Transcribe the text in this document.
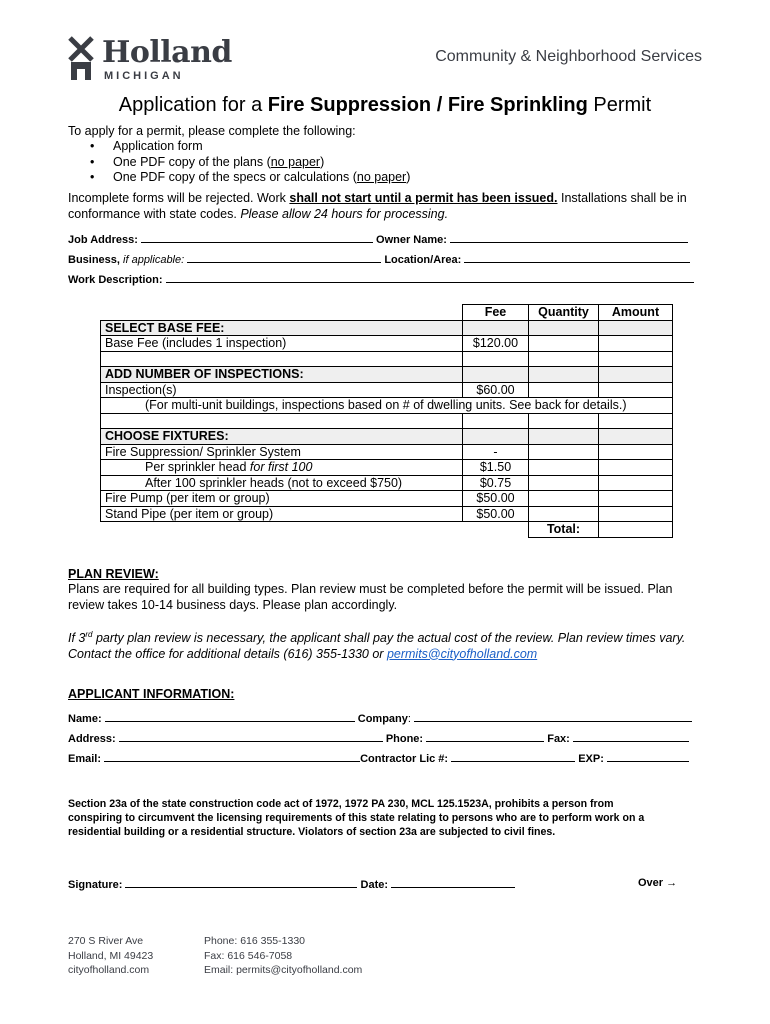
Holland
MICHIGAN
Community & Neighborhood Services
Application for a Fire Suppression / Fire Sprinkling Permit
To apply for a permit, please complete the following:
• Application form
• One PDF copy of the plans (no paper)
• One PDF copy of the specs or calculations (no paper)
Incomplete forms will be rejected. Work shall not start until a permit has been issued. Installations shall be in
conformance with state codes. Please allow 24 hours for processing.
Job Address:	Owner Name:
Business, if applicable:	Location/Area:
Work Description:
	Fee	Quantity	Amount
SELECT BASE FEE:			
Base Fee (includes 1 inspection)	$120.00		

ADD NUMBER OF INSPECTIONS:			
Inspection(s)	$60.00		
(For multi-unit buildings, inspections based on # of dwelling units. See back for details.)			

CHOOSE FIXTURES:			
Fire Suppression/ Sprinkler System	-		
Per sprinkler head for first 100	$1.50		
After 100 sprinkler heads (not to exceed $750)	$0.75		
Fire Pump (per item or group)	$50.00		
Stand Pipe (per item or group)	$50.00		
		Total:	
PLAN REVIEW:
Plans are required for all building types. Plan review must be completed before the permit will be issued. Plan
review takes 10-14 business days. Please plan accordingly.
If 3rd party plan review is necessary, the applicant shall pay the actual cost of the review. Plan review times vary.
Contact the office for additional details (616) 355-1330 or permits@cityofholland.com
APPLICANT INFORMATION:
Name:	Company:
Address:	Phone:	Fax:
Email:	Contractor Lic #:	EXP:
Section 23a of the state construction code act of 1972, 1972 PA 230, MCL 125.1523A, prohibits a person from
conspiring to circumvent the licensing requirements of this state relating to persons who are to perform work on a
residential building or a residential structure. Violators of section 23a are subjected to civil fines.
Signature:	Date:	Over →
270 S River Ave
Holland, MI 49423
cityofholland.com
Phone: 616 355-1330
Fax: 616 546-7058
Email: permits@cityofholland.com
